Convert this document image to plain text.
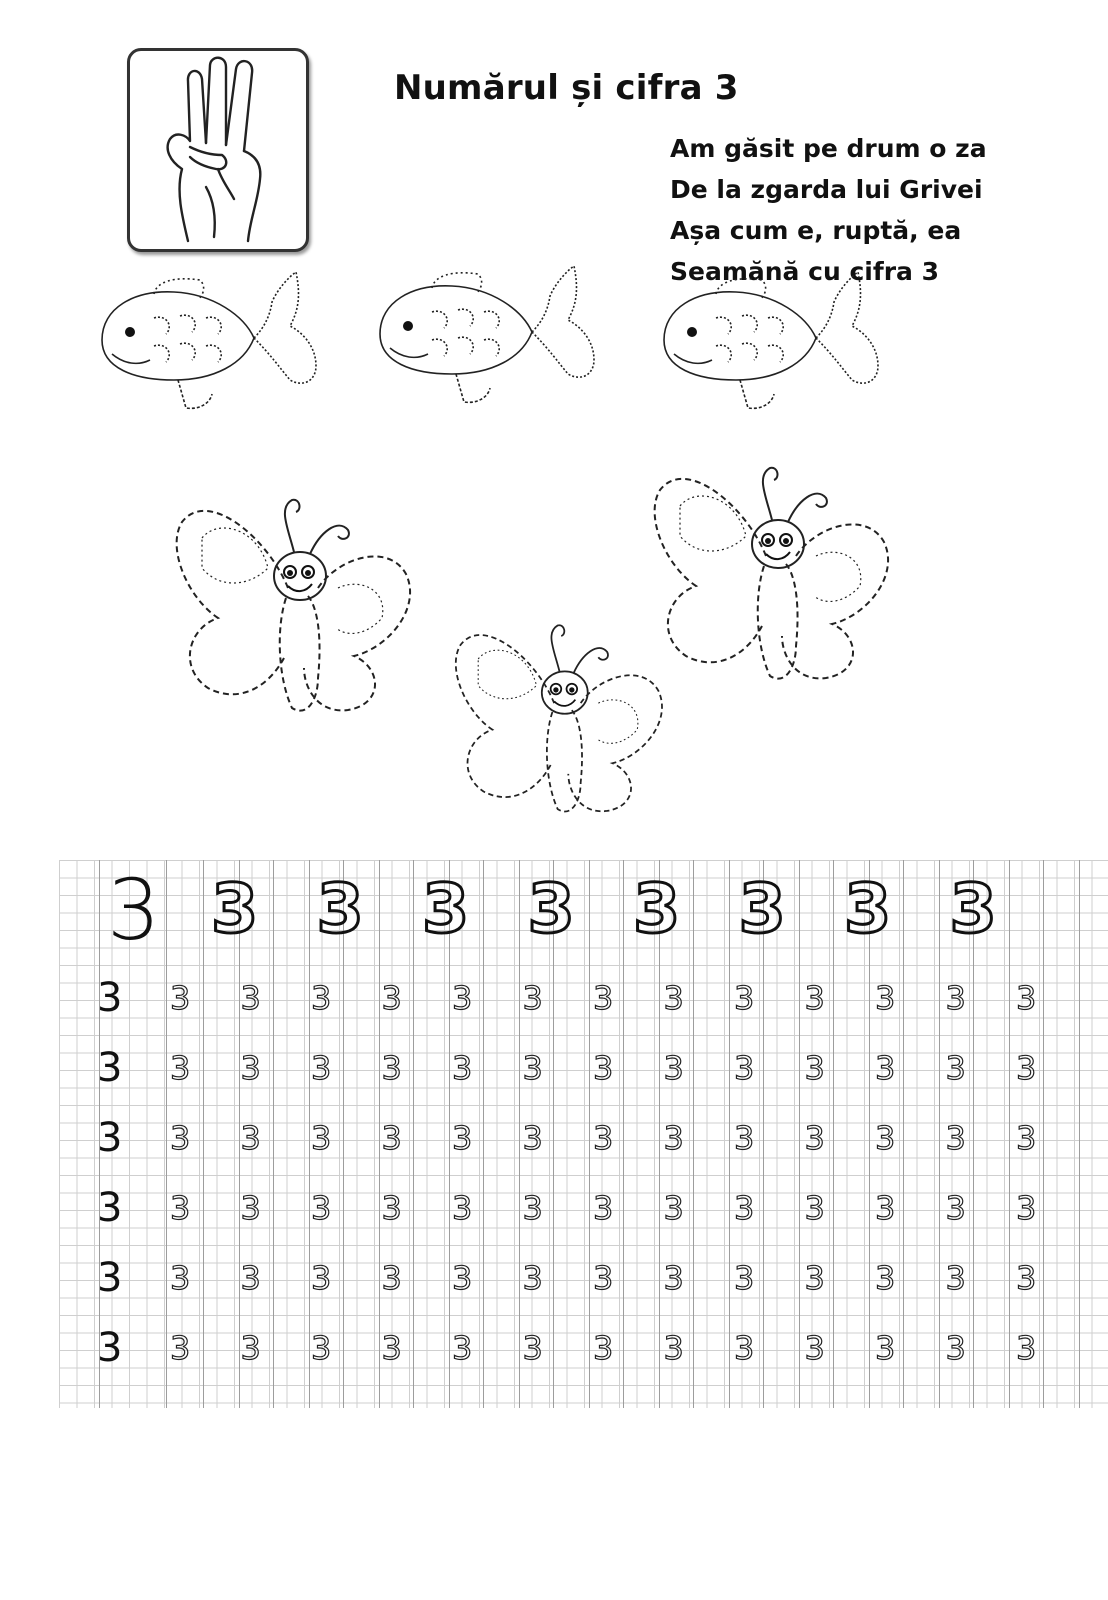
Numărul și cifra 3
Am găsit pe drum o za
De la zgarda lui Grivei
Așa cum e, ruptă, ea
Seamănă cu cifra 3
3 3 3 3 3 3 3 3 3
3 3 3 3 3 3 3 3 3 3 3 3 3 3
3 3 3 3 3 3 3 3 3 3 3 3 3 3
3 3 3 3 3 3 3 3 3 3 3 3 3 3
3 3 3 3 3 3 3 3 3 3 3 3 3 3
3 3 3 3 3 3 3 3 3 3 3 3 3 3
3 3 3 3 3 3 3 3 3 3 3 3 3 3
